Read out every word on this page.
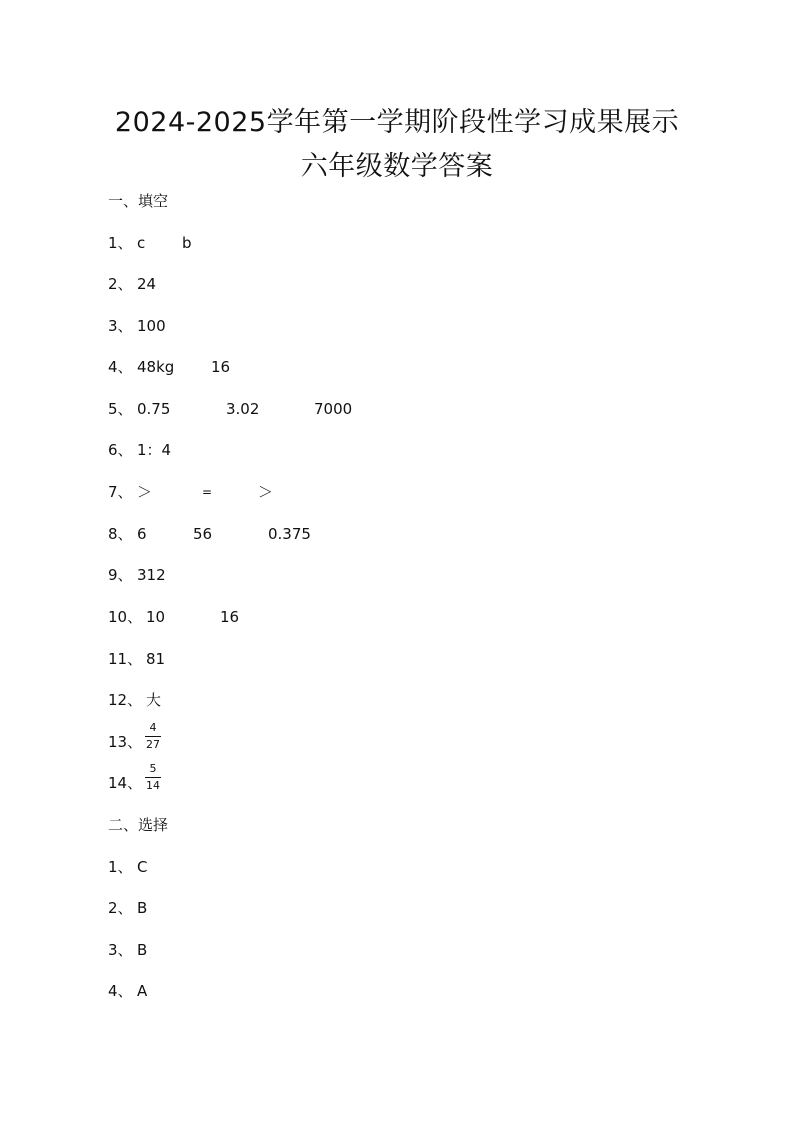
2024-2025学年第一学期阶段性学习成果展示
六年级数学答案
一、填空
1、 c b
2、 24
3、 100
4、 48kg 16
5、 0.75	3.02	7000
6、 1：4
7、 ＞	=	＞
8、 6	56	0.375
9、 312
10、 10	16
11、 81
12、 大
13、
4
27
14、
5
14
二、选择
1、 C
2、 B
3、 B
4、 A
